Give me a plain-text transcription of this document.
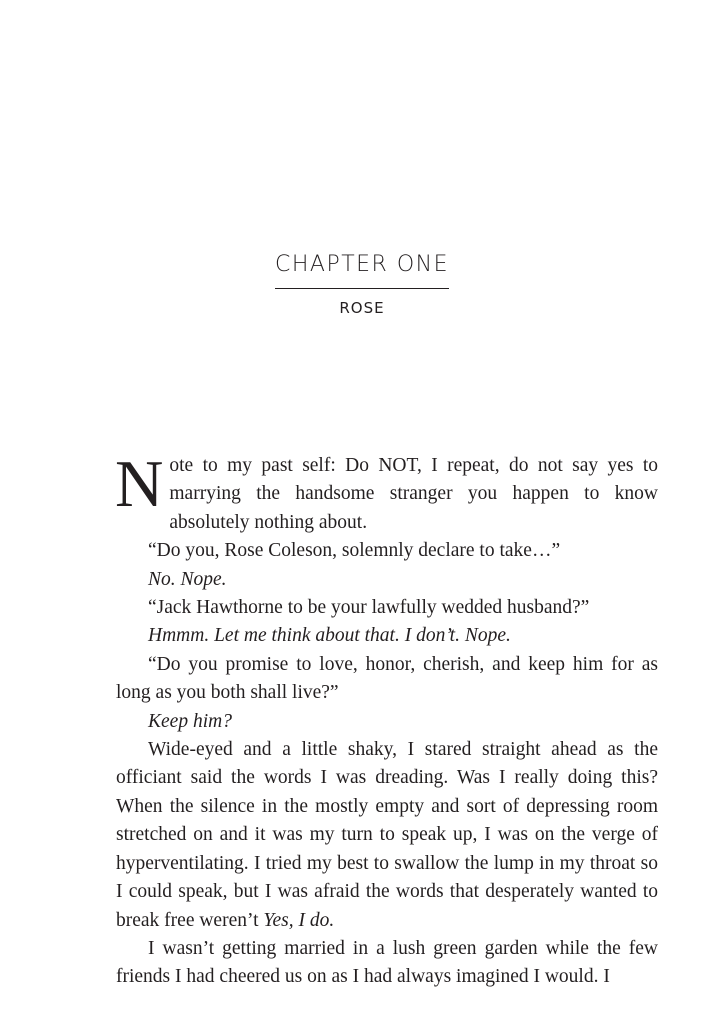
CHAPTER ONE
ROSE

Note to my past self: Do NOT, I repeat, do not say yes to marrying the handsome stranger you happen to know absolutely nothing about.

“Do you, Rose Coleson, solemnly declare to take…”

No. Nope.

“Jack Hawthorne to be your lawfully wedded husband?”

Hmmm. Let me think about that. I don’t. Nope.

“Do you promise to love, honor, cherish, and keep him for as long as you both shall live?”

Keep him?

Wide-eyed and a little shaky, I stared straight ahead as the officiant said the words I was dreading. Was I really doing this? When the silence in the mostly empty and sort of depressing room stretched on and it was my turn to speak up, I was on the verge of hyperventilating. I tried my best to swallow the lump in my throat so I could speak, but I was afraid the words that desperately wanted to break free weren’t Yes, I do.

I wasn’t getting married in a lush green garden while the few friends I had cheered us on as I had always imagined I would. I
